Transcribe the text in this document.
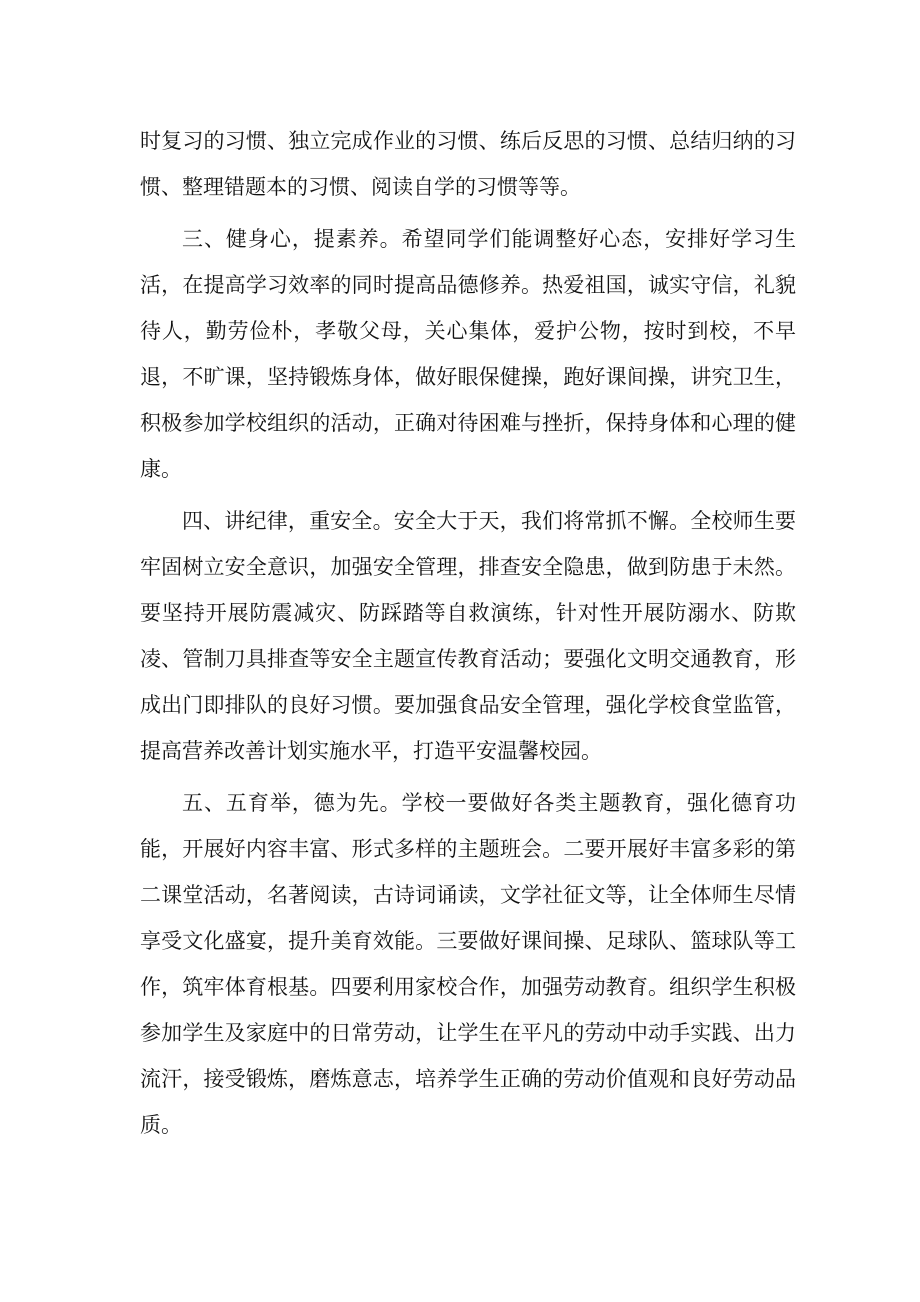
时复习的习惯、独立完成作业的习惯、练后反思的习惯、总结归纳的习惯、整理错题本的习惯、阅读自学的习惯等等。

三、健身心，提素养。希望同学们能调整好心态，安排好学习生活，在提高学习效率的同时提高品德修养。热爱祖国，诚实守信，礼貌待人，勤劳俭朴，孝敬父母，关心集体，爱护公物，按时到校，不早退，不旷课，坚持锻炼身体，做好眼保健操，跑好课间操，讲究卫生，积极参加学校组织的活动，正确对待困难与挫折，保持身体和心理的健康。

四、讲纪律，重安全。安全大于天，我们将常抓不懈。全校师生要牢固树立安全意识，加强安全管理，排查安全隐患，做到防患于未然。要坚持开展防震减灾、防踩踏等自救演练，针对性开展防溺水、防欺凌、管制刀具排查等安全主题宣传教育活动；要强化文明交通教育，形成出门即排队的良好习惯。要加强食品安全管理，强化学校食堂监管，提高营养改善计划实施水平，打造平安温馨校园。

五、五育举，德为先。学校一要做好各类主题教育，强化德育功能，开展好内容丰富、形式多样的主题班会。二要开展好丰富多彩的第二课堂活动，名著阅读，古诗词诵读，文学社征文等，让全体师生尽情享受文化盛宴，提升美育效能。三要做好课间操、足球队、篮球队等工作，筑牢体育根基。四要利用家校合作，加强劳动教育。组织学生积极参加学生及家庭中的日常劳动，让学生在平凡的劳动中动手实践、出力流汗，接受锻炼，磨炼意志，培养学生正确的劳动价值观和良好劳动品质。
